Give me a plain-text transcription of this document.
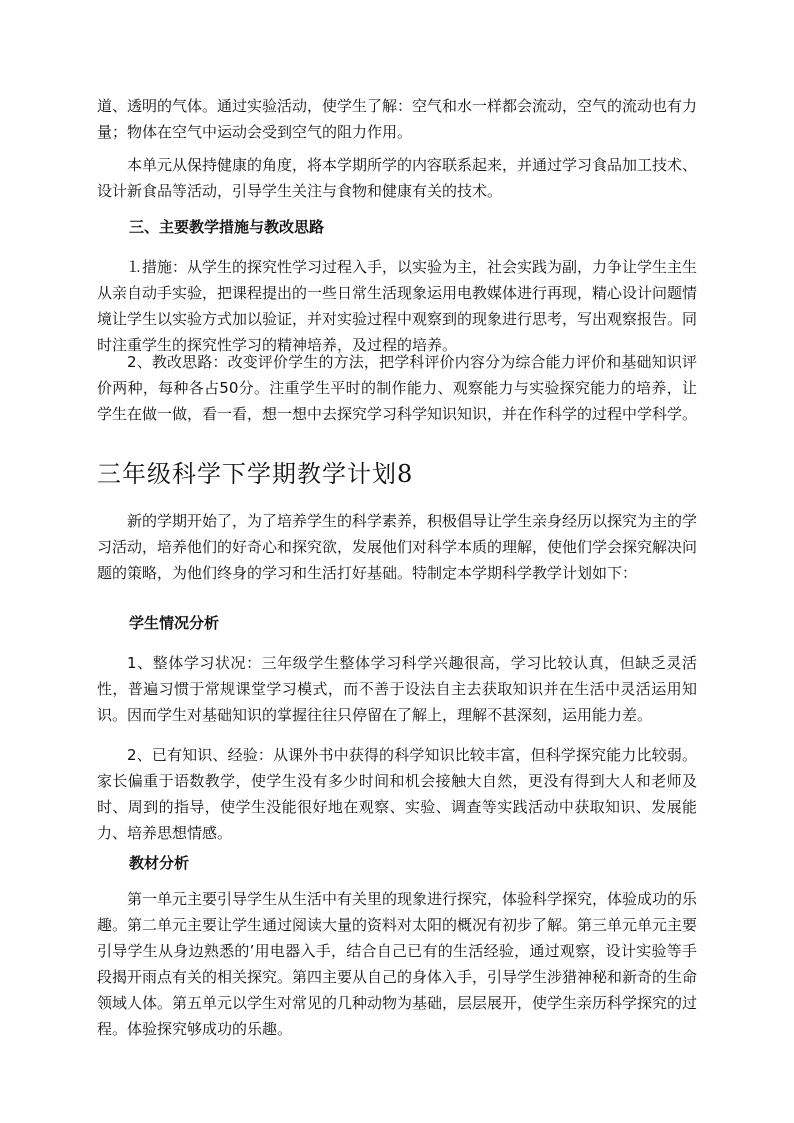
道、透明的气体。通过实验活动，使学生了解：空气和水一样都会流动，空气的流动也有力量；物体在空气中运动会受到空气的阻力作用。

本单元从保持健康的角度，将本学期所学的内容联系起来，并通过学习食品加工技术、设计新食品等活动，引导学生关注与食物和健康有关的技术。

三、主要教学措施与教改思路

⒈措施：从学生的探究性学习过程入手，以实验为主，社会实践为副，力争让学生主生从亲自动手实验，把课程提出的一些日常生活现象运用电教媒体进行再现，精心设计问题情境让学生以实验方式加以验证，并对实验过程中观察到的现象进行思考，写出观察报告。同时注重学生的探究性学习的精神培养，及过程的培养。

2、教改思路：改变评价学生的方法，把学科评价内容分为综合能力评价和基础知识评价两种，每种各占50分。注重学生平时的制作能力、观察能力与实验探究能力的培养，让学生在做一做，看一看，想一想中去探究学习科学知识知识，并在作科学的过程中学科学。

三年级科学下学期教学计划8

新的学期开始了，为了培养学生的科学素养，积极倡导让学生亲身经历以探究为主的学习活动，培养他们的好奇心和探究欲，发展他们对科学本质的理解，使他们学会探究解决问题的策略，为他们终身的学习和生活打好基础。特制定本学期科学教学计划如下：

学生情况分析

1、整体学习状况：三年级学生整体学习科学兴趣很高，学习比较认真，但缺乏灵活性，普遍习惯于常规课堂学习模式，而不善于设法自主去获取知识并在生活中灵活运用知识。因而学生对基础知识的掌握往往只停留在了解上，理解不甚深刻，运用能力差。

2、已有知识、经验：从课外书中获得的科学知识比较丰富，但科学探究能力比较弱。家长偏重于语数教学，使学生没有多少时间和机会接触大自然，更没有得到大人和老师及时、周到的指导，使学生没能很好地在观察、实验、调查等实践活动中获取知识、发展能力、培养思想情感。

教材分析

第一单元主要引导学生从生活中有关里的现象进行探究，体验科学探究，体验成功的乐趣。第二单元主要让学生通过阅读大量的资料对太阳的概况有初步了解。第三单元单元主要引导学生从身边熟悉的’用电器入手，结合自己已有的生活经验，通过观察，设计实验等手段揭开雨点有关的相关探究。第四主要从自己的身体入手，引导学生涉猎神秘和新奇的生命领域人体。第五单元以学生对常见的几种动物为基础，层层展开，使学生亲历科学探究的过程。体验探究够成功的乐趣。
